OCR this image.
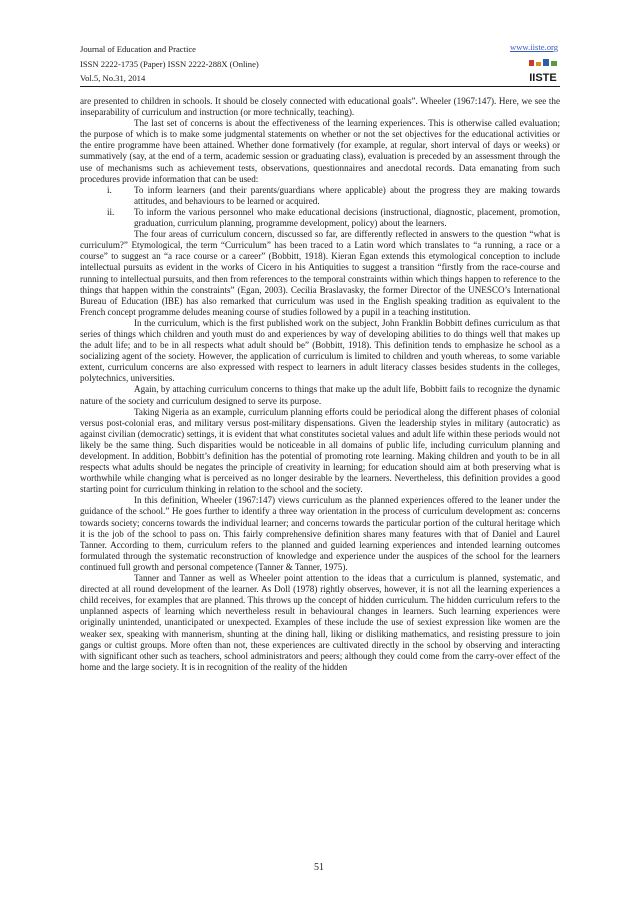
Journal of Education and Practice
ISSN 2222-1735 (Paper) ISSN 2222-288X (Online)
Vol.5, No.31, 2014
www.iiste.org
IISTE

are presented to children in schools. It should be closely connected with educational goals”. Wheeler (1967:147). Here, we see the inseparability of curriculum and instruction (or more technically, teaching).

The last set of concerns is about the effectiveness of the learning experiences. This is otherwise called evaluation; the purpose of which is to make some judgmental statements on whether or not the set objectives for the educational activities or the entire programme have been attained. Whether done formatively (for example, at regular, short interval of days or weeks) or summatively (say, at the end of a term, academic session or graduating class), evaluation is preceded by an assessment through the use of mechanisms such as achievement tests, observations, questionnaires and anecdotal records. Data emanating from such procedures provide information that can be used:

i.	To inform learners (and their parents/guardians where applicable) about the progress they are making towards attitudes, and behaviours to be learned or acquired.
ii.	To inform the various personnel who make educational decisions (instructional, diagnostic, placement, promotion, graduation, curriculum planning, programme development, policy) about the learners.

The four areas of curriculum concern, discussed so far, are differently reflected in answers to the question “what is curriculum?” Etymological, the term “Curriculum” has been traced to a Latin word which translates to “a running, a race or a course” to suggest an “a race course or a career” (Bobbitt, 1918). Kieran Egan extends this etymological conception to include intellectual pursuits as evident in the works of Cicero in his Antiquities to suggest a transition “firstly from the race-course and running to intellectual pursuits, and then from references to the temporal constraints within which things happen to reference to the things that happen within the constraints” (Egan, 2003). Cecilia Braslavasky, the former Director of the UNESCO’s International Bureau of Education (IBE) has also remarked that curriculum was used in the English speaking tradition as equivalent to the French concept programme deludes meaning course of studies followed by a pupil in a teaching institution.

In the curriculum, which is the first published work on the subject, John Franklin Bobbitt defines curriculum as that series of things which children and youth must do and experiences by way of developing abilities to do things well that makes up the adult life; and to be in all respects what adult should be” (Bobbitt, 1918). This definition tends to emphasize he school as a socializing agent of the society. However, the application of curriculum is limited to children and youth whereas, to some variable extent, curriculum concerns are also expressed with respect to learners in adult literacy classes besides students in the colleges, polytechnics, universities.

Again, by attaching curriculum concerns to things that make up the adult life, Bobbitt fails to recognize the dynamic nature of the society and curriculum designed to serve its purpose.

Taking Nigeria as an example, curriculum planning efforts could be periodical along the different phases of colonial versus post-colonial eras, and military versus post-military dispensations. Given the leadership styles in military (autocratic) as against civilian (democratic) settings, it is evident that what constitutes societal values and adult life within these periods would not likely be the same thing. Such disparities would be noticeable in all domains of public life, including curriculum planning and development. In addition, Bobbitt’s definition has the potential of promoting rote learning. Making children and youth to be in all respects what adults should be negates the principle of creativity in learning; for education should aim at both preserving what is worthwhile while changing what is perceived as no longer desirable by the learners. Nevertheless, this definition provides a good starting point for curriculum thinking in relation to the school and the society.

In this definition, Wheeler (1967:147) views curriculum as the planned experiences offered to the leaner under the guidance of the school.” He goes further to identify a three way orientation in the process of curriculum development as: concerns towards society; concerns towards the individual learner; and concerns towards the particular portion of the cultural heritage which it is the job of the school to pass on. This fairly comprehensive definition shares many features with that of Daniel and Laurel Tanner. According to them, curriculum refers to the planned and guided learning experiences and intended learning outcomes formulated through the systematic reconstruction of knowledge and experience under the auspices of the school for the learners continued full growth and personal competence (Tanner & Tanner, 1975).

Tanner and Tanner as well as Wheeler point attention to the ideas that a curriculum is planned, systematic, and directed at all round development of the learner. As Doll (1978) rightly observes, however, it is not all the learning experiences a child receives, for examples that are planned. This throws up the concept of hidden curriculum. The hidden curriculum refers to the unplanned aspects of learning which nevertheless result in behavioural changes in learners. Such learning experiences were originally unintended, unanticipated or unexpected. Examples of these include the use of sexiest expression like women are the weaker sex, speaking with mannerism, shunting at the dining hall, liking or disliking mathematics, and resisting pressure to join gangs or cultist groups. More often than not, these experiences are cultivated directly in the school by observing and interacting with significant other such as teachers, school administrators and peers; although they could come from the carry-over effect of the home and the large society. It is in recognition of the reality of the hidden

51
